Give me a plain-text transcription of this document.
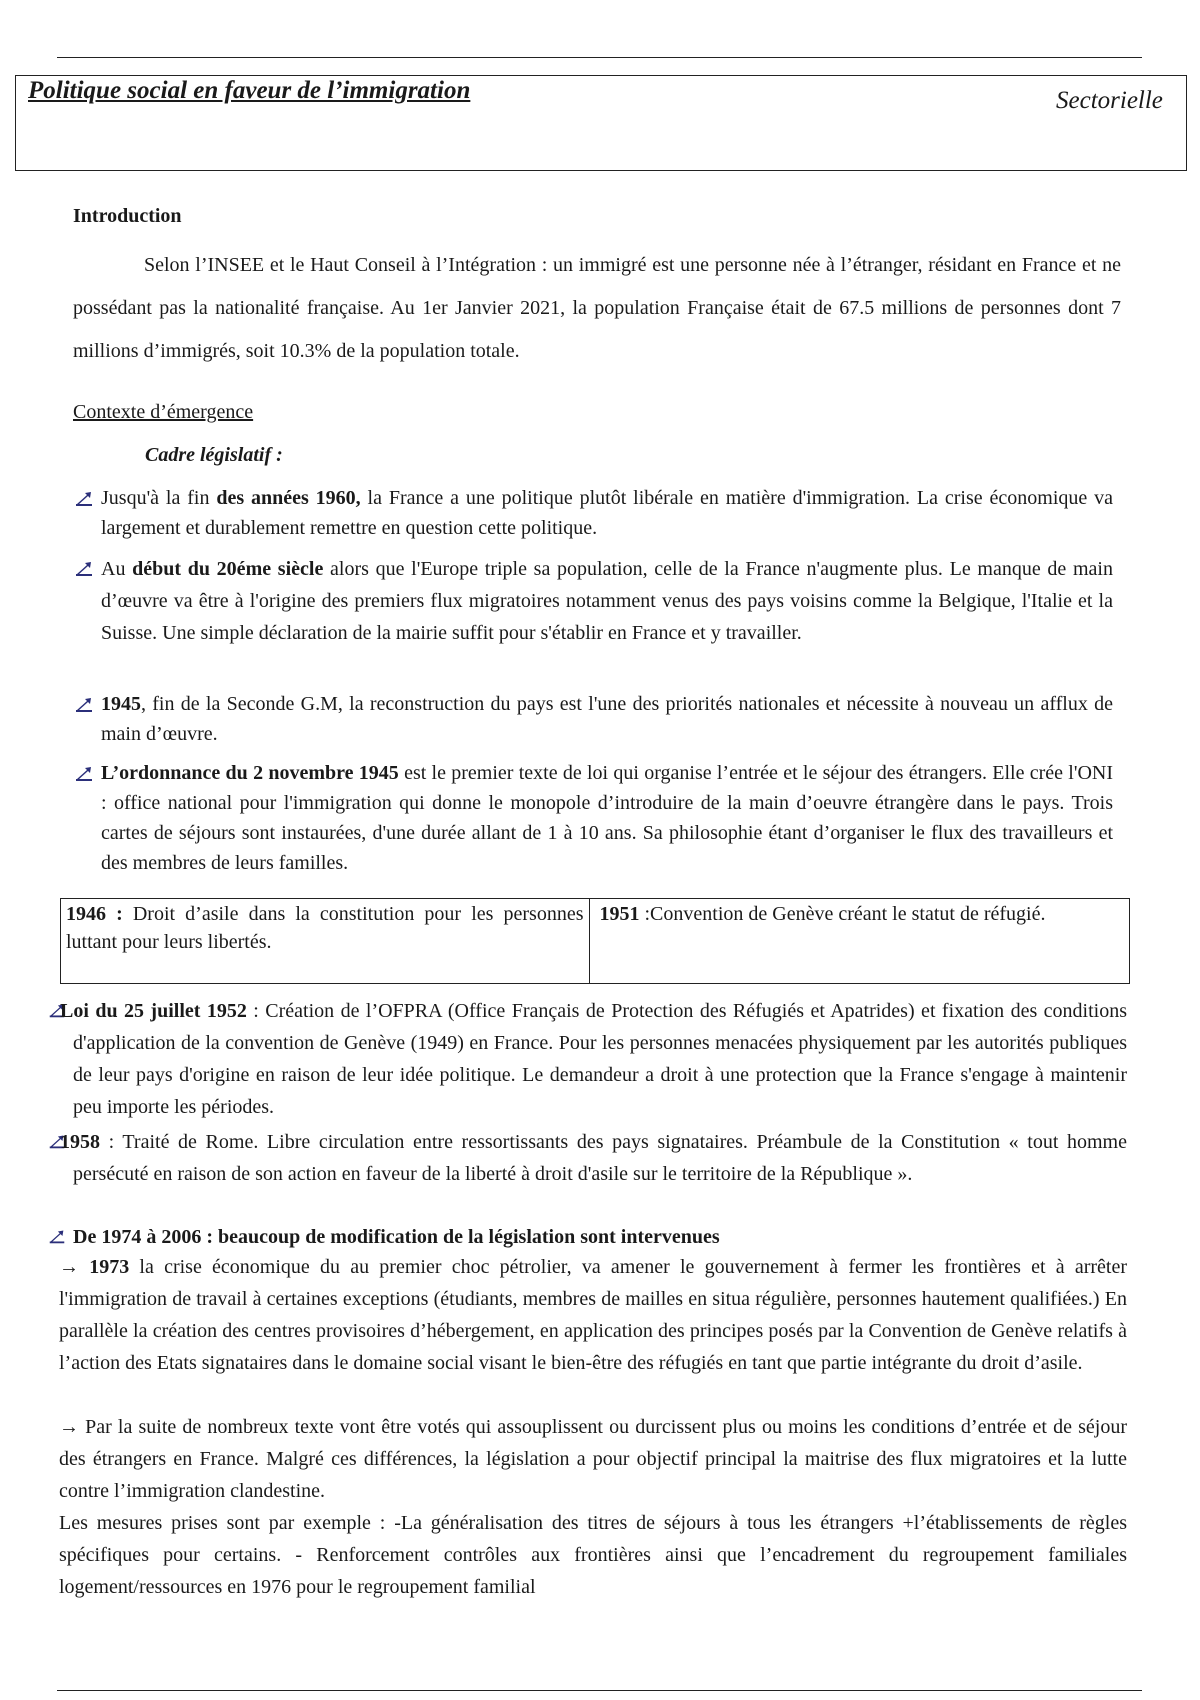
Politique social en faveur de l’immigration	Sectorielle
Introduction

Selon l’INSEE et le Haut Conseil à l’Intégration : un immigré est une personne née à l’étranger, résidant en France et ne possédant pas la nationalité française. Au 1er Janvier 2021, la population Française était de 67.5 millions de personnes dont 7 millions d’immigrés, soit 10.3% de la population totale.

Contexte d’émergence
Cadre législatif :
Jusqu'à la fin des années 1960, la France a une politique plutôt libérale en matière d'immigration. La crise économique va largement et durablement remettre en question cette politique.
Au début du 20éme siècle alors que l'Europe triple sa population, celle de la France n'augmente plus. Le manque de main d’œuvre va être à l'origine des premiers flux migratoires notamment venus des pays voisins comme la Belgique, l'Italie et la Suisse. Une simple déclaration de la mairie suffit pour s'établir en France et y travailler.
1945, fin de la Seconde G.M, la reconstruction du pays est l'une des priorités nationales et nécessite à nouveau un afflux de main d’œuvre.
L’ordonnance du 2 novembre 1945 est le premier texte de loi qui organise l’entrée et le séjour des étrangers. Elle crée l'ONI : office national pour l'immigration qui donne le monopole d’introduire de la main d’oeuvre étrangère dans le pays. Trois cartes de séjours sont instaurées, d'une durée allant de 1 à 10 ans. Sa philosophie étant d’organiser le flux des travailleurs et des membres de leurs familles.
1946 : Droit d’asile dans la constitution pour les personnes luttant pour leurs libertés.
1951 :Convention de Genève créant le statut de réfugié.
Loi du 25 juillet 1952 : Création de l’OFPRA (Office Français de Protection des Réfugiés et Apatrides) et fixation des conditions d'application de la convention de Genève (1949) en France. Pour les personnes menacées physiquement par les autorités publiques de leur pays d'origine en raison de leur idée politique. Le demandeur a droit à une protection que la France s'engage à maintenir peu importe les périodes.
1958 : Traité de Rome. Libre circulation entre ressortissants des pays signataires. Préambule de la Constitution « tout homme persécuté en raison de son action en faveur de la liberté à droit d'asile sur le territoire de la République ».
De 1974 à 2006 : beaucoup de modification de la législation sont intervenues

→ 1973 la crise économique du au premier choc pétrolier, va amener le gouvernement à fermer les frontières et à arrêter l'immigration de travail à certaines exceptions (étudiants, membres de mailles en situa régulière, personnes hautement qualifiées.) En parallèle la création des centres provisoires d’hébergement, en application des principes posés par la Convention de Genève relatifs à l’action des Etats signataires dans le domaine social visant le bien-être des réfugiés en tant que partie intégrante du droit d’asile.

→ Par la suite de nombreux texte vont être votés qui assouplissent ou durcissent plus ou moins les conditions d’entrée et de séjour des étrangers en France. Malgré ces différences, la législation a pour objectif principal la maitrise des flux migratoires et la lutte contre l’immigration clandestine.

Les mesures prises sont par exemple : -La généralisation des titres de séjours à tous les étrangers +l’établissements de règles spécifiques pour certains. - Renforcement contrôles aux frontières ainsi que l’encadrement du regroupement familiales logement/ressources en 1976 pour le regroupement familial
